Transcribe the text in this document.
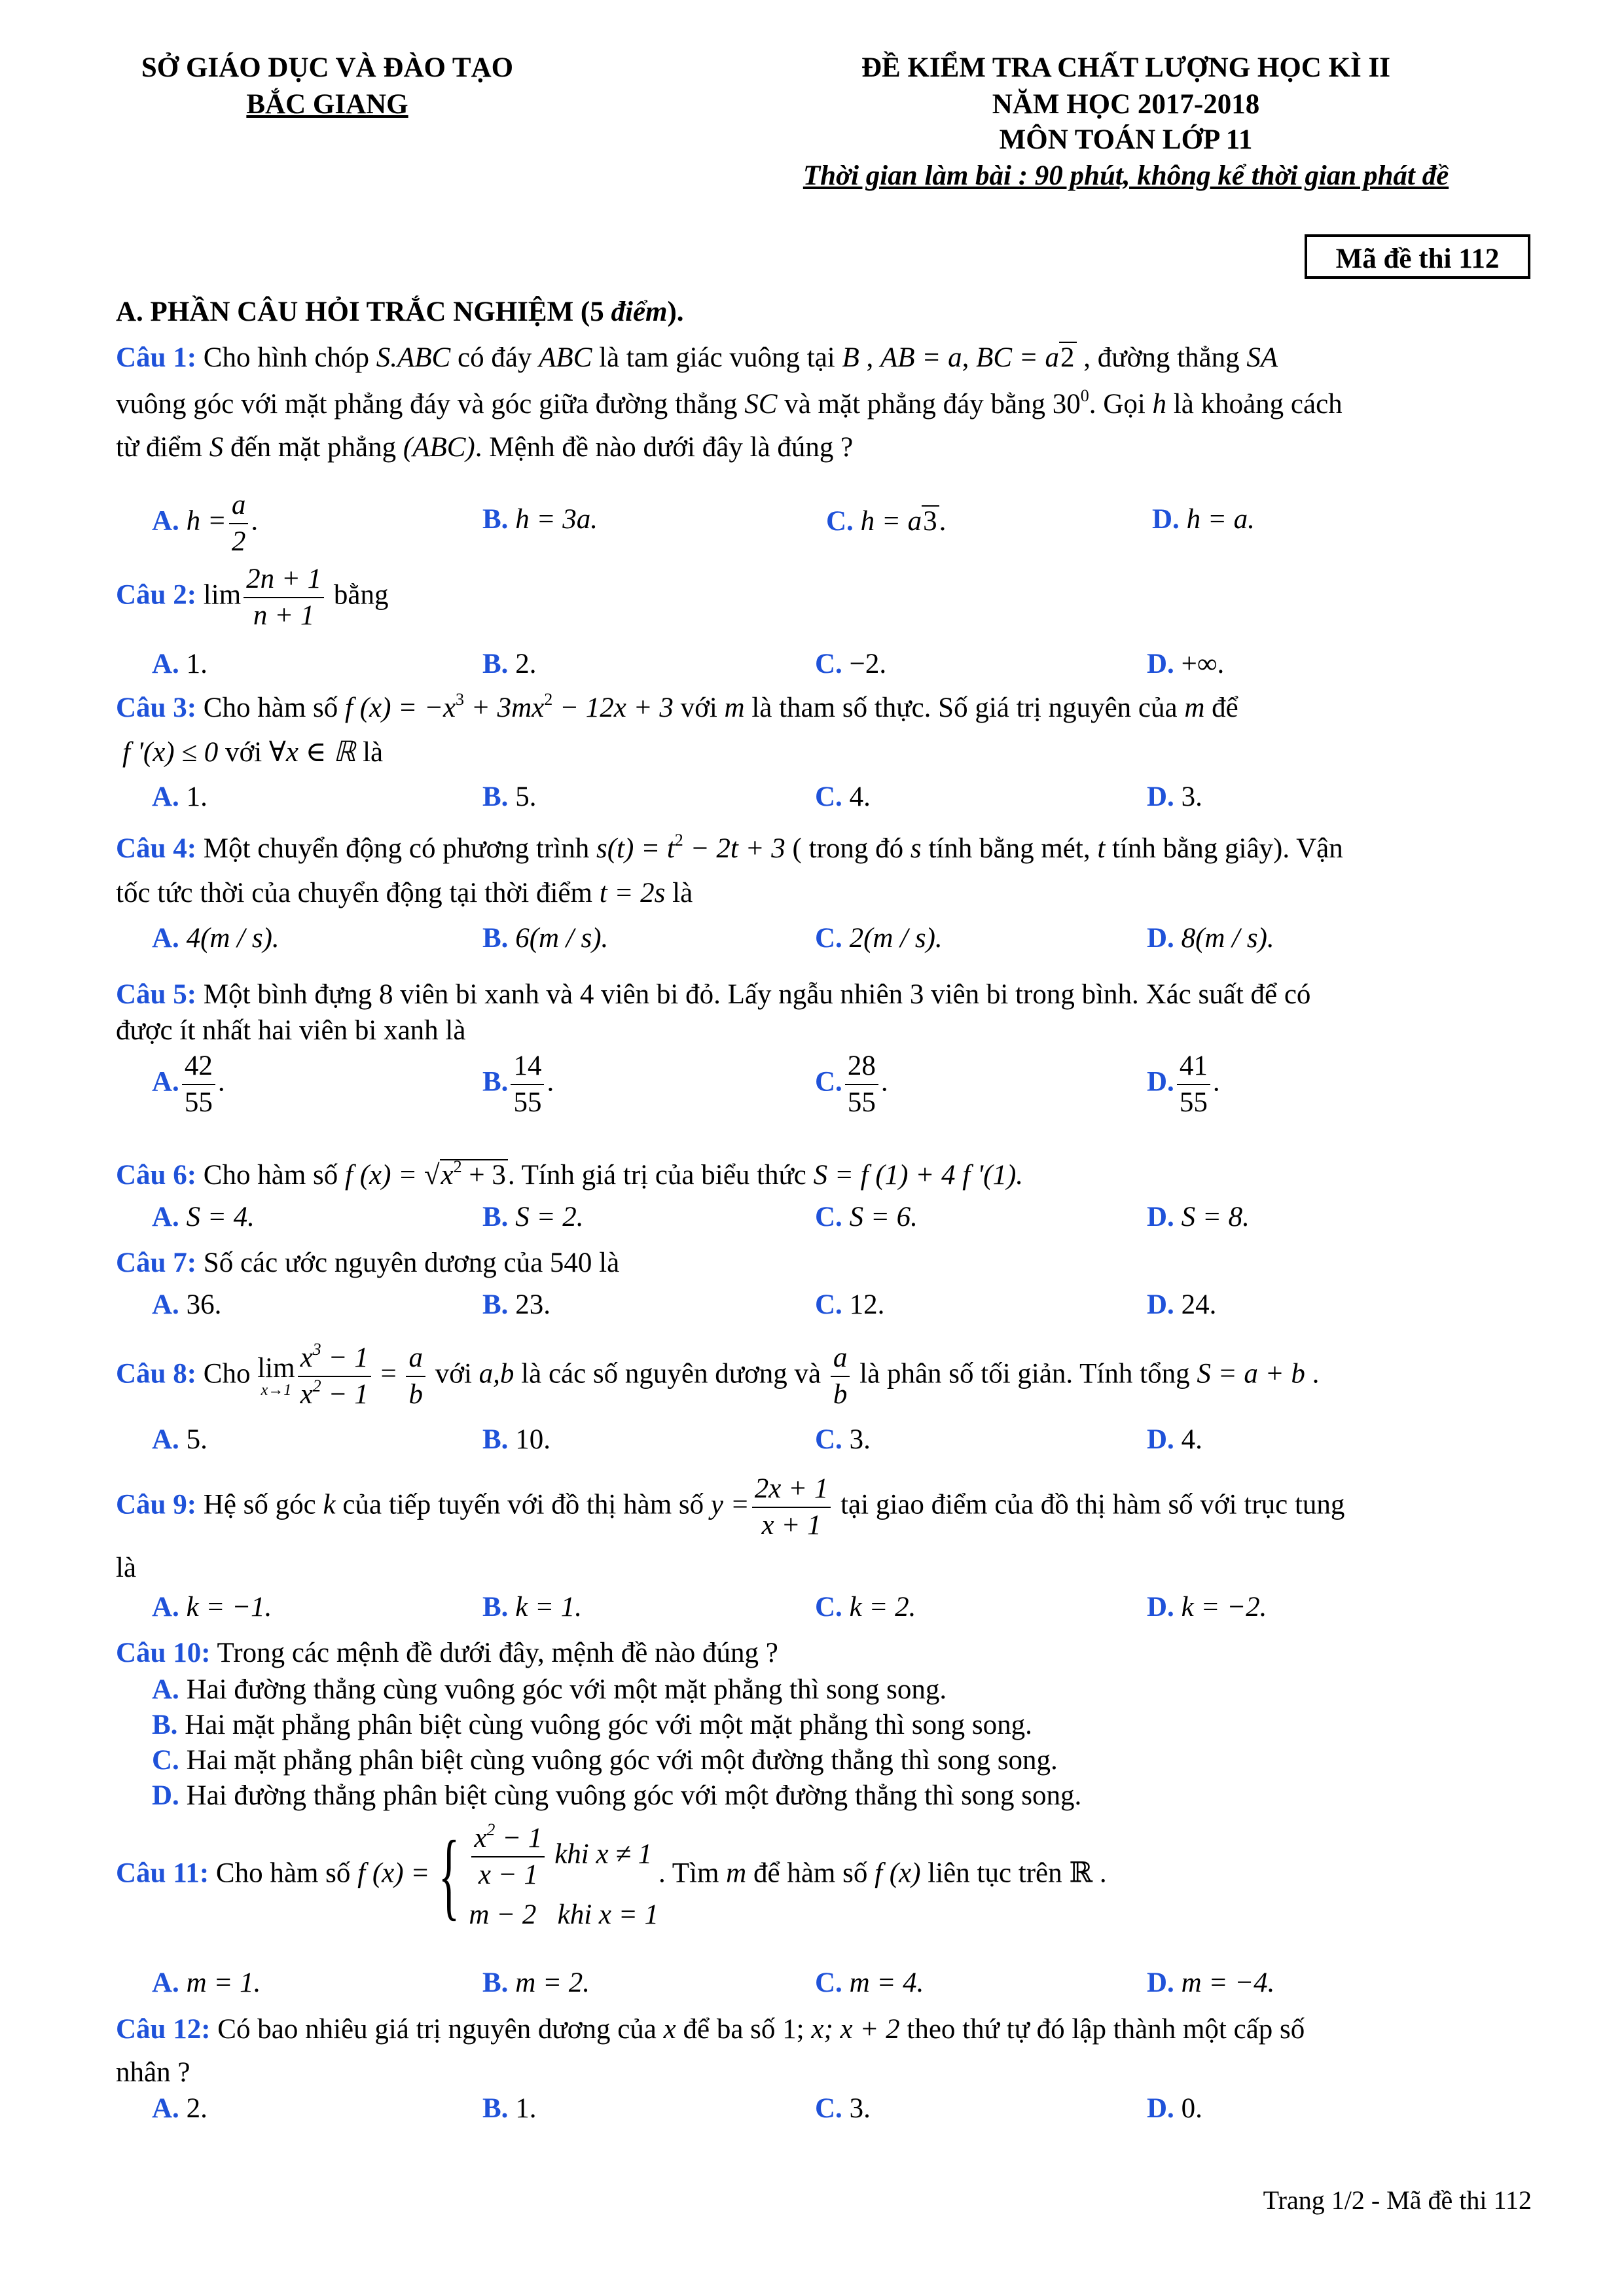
SỞ GIÁO DỤC VÀ ĐÀO TẠO
BẮC GIANG
ĐỀ KIỂM TRA CHẤT LƯỢNG HỌC KÌ II
NĂM HỌC 2017-2018
MÔN TOÁN LỚP 11
Thời gian làm bài : 90 phút, không kể thời gian phát đề
Mã đề thi 112
A. PHẦN CÂU HỎI TRẮC NGHIỆM (5 điểm).
Câu 1: Cho hình chóp S.ABC có đáy ABC là tam giác vuông tại B , AB = a, BC = a2 , đường thẳng SA
vuông góc với mặt phẳng đáy và góc giữa đường thẳng SC và mặt phẳng đáy bằng $30^0$. Gọi h là khoảng cách
từ điểm S đến mặt phẳng (ABC). Mệnh đề nào dưới đây là đúng ?
A. $h = \frac{a}{2}$ .	B. h = 3a.	C. h = a3.	D. h = a.
Câu 2: $\lim \frac{2n + 1}{n + 1}$ bằng
A. 1.	B. 2.	C. −2.	D. +∞.
Câu 3: Cho hàm số f $(x) = -x^3 + 3mx^2 - 12x + 3$ với m là tham số thực. Số giá trị nguyên của m để
f '(x) ≤ 0 với ∀x ∈ ℝ là
A. 1.	B. 5.	C. 4.	D. 3.
Câu 4: Một chuyển động có phương trình $s(t) = t^2 - 2t + 3$ ( trong đó s tính bằng mét, t tính bằng giây). Vận
tốc tức thời của chuyển động tại thời điểm t = 2s là
A. 4(m / s).	B. 6(m / s).	C. 2(m / s).	D. 8(m / s).
Câu 5: Một bình đựng 8 viên bi xanh và 4 viên bi đỏ. Lấy ngẫu nhiên 3 viên bi trong bình. Xác suất để có
được ít nhất hai viên bi xanh là
A. $\frac{42}{55}$ .	B. $\frac{14}{55}$ .	C. $\frac{28}{55}$ .	D. $\frac{41}{55}$ .
Câu 6: Cho hàm số f $(x) = √x^2 + 3$. Tính giá trị của biểu thức S = f (1) + 4 f '(1).
A. S = 4.	B. S = 2.	C. S = 6.	D. S = 8.
Câu 7: Số các ước nguyên dương của 540 là
A. 36.	B. 23.	C. 12.	D. 24.
Câu 8: Cho lim
$x\to 1 \frac{x^3 - 1}{x^2 - 1} = \frac{a}{b}$ với a,b là các số nguyên dương và $\frac{a}{b}$ là phân số tối giản. Tính tổng S = a + b .
A. 5.	B. 10.	C. 3.	D. 4.
Câu 9: Hệ số góc k của tiếp tuyến với đồ thị hàm số $y = \frac{2x + 1}{x + 1}$ tại giao điểm của đồ thị hàm số với trục tung
là
A. k = −1.	B. k = 1.	C. k = 2.	D. k = −2.
Câu 10: Trong các mệnh đề dưới đây, mệnh đề nào đúng ?
A. Hai đường thẳng cùng vuông góc với một mặt phẳng thì song song.
B. Hai mặt phẳng phân biệt cùng vuông góc với một mặt phẳng thì song song.
C. Hai mặt phẳng phân biệt cùng vuông góc với một đường thẳng thì song song.
D. Hai đường thẳng phân biệt cùng vuông góc với một đường thẳng thì song song.
Câu 11: Cho hàm số f (x) ={ $\frac{x^2 - 1}{x - 1}$ khi x ≠ 1
m − 2 khi x = 1
. Tìm m để hàm số f (x) liên tục trên ℝ .
A. m = 1.	B. m = 2.	C. m = 4.	D. m = −4.
Câu 12: Có bao nhiêu giá trị nguyên dương của x để ba số 1; x; x + 2 theo thứ tự đó lập thành một cấp số
nhân ?
A. 2.	B. 1.	C. 3.	D. 0.
Trang 1/2 - Mã đề thi 112
